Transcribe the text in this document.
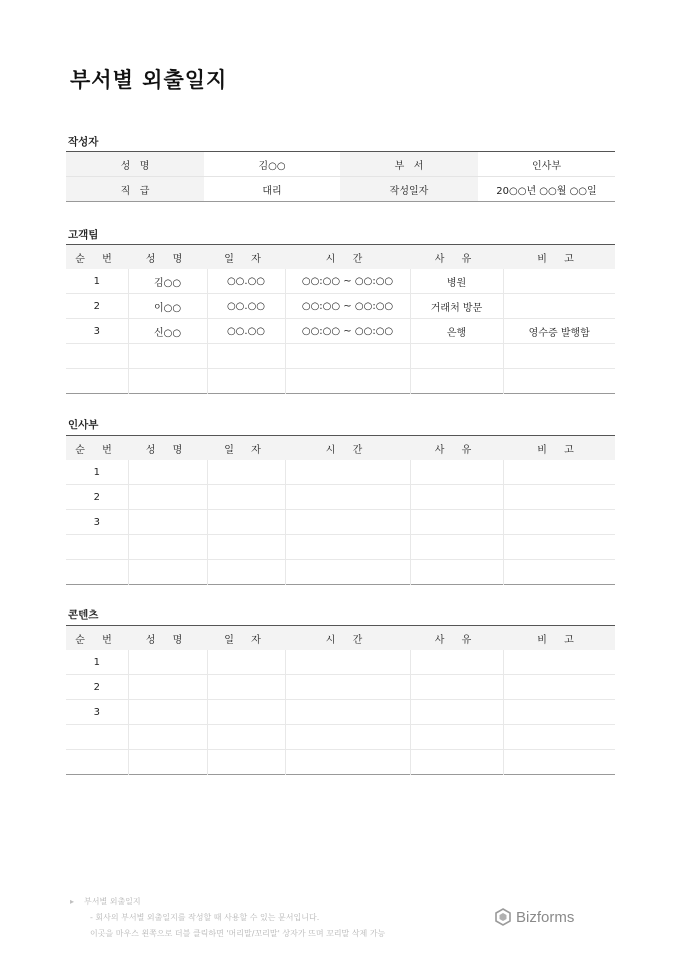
부서별 외출일지
작성자
성   명	김○○	부   서	인사부
직   급	대리	작성일자	20○○년 ○○월 ○○일
고객팀
순 번	성 명	일 자	시 간	사 유	비 고
1	김○○	○○.○○	○○:○○ ~ ○○:○○	병원	
2	이○○	○○.○○	○○:○○ ~ ○○:○○	거래처 방문	
3	신○○	○○.○○	○○:○○ ~ ○○:○○	은행	영수증 발행함

인사부
순 번	성 명	일 자	시 간	사 유	비 고
1					
2					
3					

콘텐츠
순 번	성 명	일 자	시 간	사 유	비 고
1					
2					
3					

▸ 부서별 외출일지
- 회사의 부서별 외출일지를 작성할 때 사용할 수 있는 문서입니다.
이곳을 마우스 왼쪽으로 더블 클릭하면 '머리말/꼬리말' 상자가 뜨며 꼬리말 삭제 가능
Bizforms
